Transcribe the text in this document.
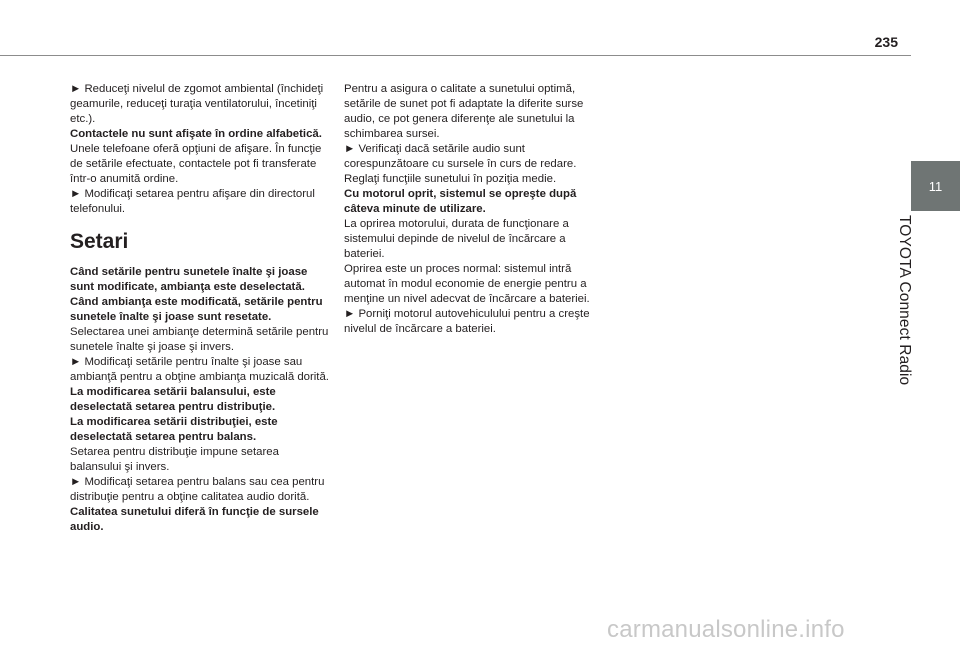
235
11
TOYOTA Connect Radio

► Reduceţi nivelul de zgomot ambiental (închideţi geamurile, reduceţi turaţia ventilatorului, încetiniţi etc.).

Contactele nu sunt afişate în ordine alfabetică.

Unele telefoane oferă opţiuni de afişare. În funcţie de setările efectuate, contactele pot fi transferate într-o anumită ordine.

► Modificaţi setarea pentru afişare din directorul telefonului.

Setari

Când setările pentru sunetele înalte şi joase sunt modificate, ambianţa este deselectată.

Când ambianţa este modificată, setările pentru sunetele înalte şi joase sunt resetate.

Selectarea unei ambianţe determină setările pentru sunetele înalte şi joase şi invers.

► Modificaţi setările pentru înalte şi joase sau ambianţă pentru a obţine ambianţa muzicală dorită.

La modificarea setării balansului, este deselectată setarea pentru distribuţie.

La modificarea setării distribuţiei, este deselectată setarea pentru balans.

Setarea pentru distribuţie impune setarea balansului şi invers.

► Modificaţi setarea pentru balans sau cea pentru distribuţie pentru a obţine calitatea audio dorită.

Calitatea sunetului diferă în funcţie de sursele audio.

Pentru a asigura o calitate a sunetului optimă, setările de sunet pot fi adaptate la diferite surse audio, ce pot genera diferenţe ale sunetului la schimbarea sursei.

► Verificaţi dacă setările audio sunt corespunzătoare cu sursele în curs de redare. Reglaţi funcţiile sunetului în poziţia medie.

Cu motorul oprit, sistemul se opreşte după câteva minute de utilizare.

La oprirea motorului, durata de funcţionare a sistemului depinde de nivelul de încărcare a bateriei.

Oprirea este un proces normal: sistemul intră automat în modul economie de energie pentru a menţine un nivel adecvat de încărcare a bateriei.

► Porniţi motorul autovehiculului pentru a creşte nivelul de încărcare a bateriei.

carmanualsonline.info
